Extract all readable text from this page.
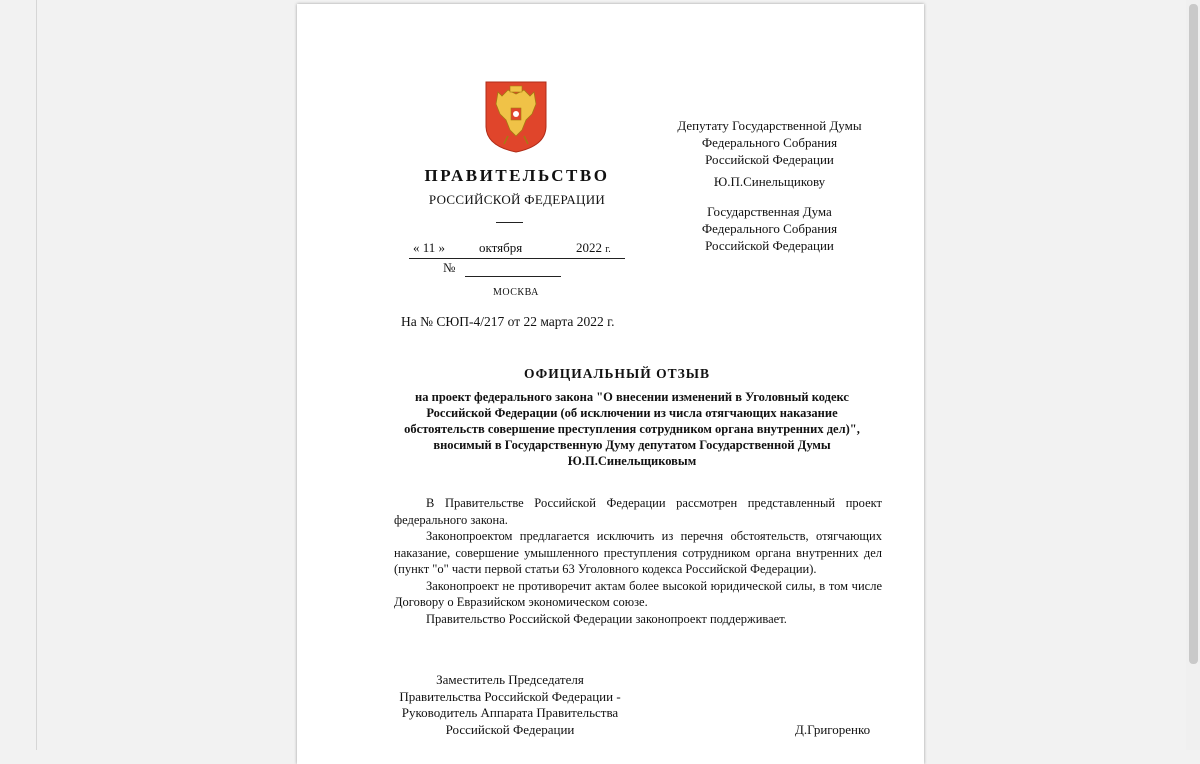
ПРАВИТЕЛЬСТВО
РОССИЙСКОЙ ФЕДЕРАЦИИ
« 11 »	октября	2022 г.
№
МОСКВА
Депутату Государственной Думы
Федерального Собрания
Российской Федерации
Ю.П.Синельщикову
Государственная Дума
Федерального Собрания
Российской Федерации
На № СЮП-4/217 от 22 марта 2022 г.
ОФИЦИАЛЬНЫЙ ОТЗЫВ
на проект федерального закона "О внесении изменений в Уголовный кодекс Российской Федерации (об исключении из числа отягчающих наказание обстоятельств совершение преступления сотрудником органа внутренних дел)", вносимый в Государственную Думу депутатом Государственной Думы Ю.П.Синельщиковым

В Правительстве Российской Федерации рассмотрен представленный проект федерального закона.

Законопроектом предлагается исключить из перечня обстоятельств, отягчающих наказание, совершение умышленного преступления сотрудником органа внутренних дел (пункт "о" части первой статьи 63 Уголовного кодекса Российской Федерации).

Законопроект не противоречит актам более высокой юридической силы, в том числе Договору о Евразийском экономическом союзе.

Правительство Российской Федерации законопроект поддерживает.

Заместитель Председателя
Правительства Российской Федерации -
Руководитель Аппарата Правительства
Российской Федерации	Д.Григоренко
